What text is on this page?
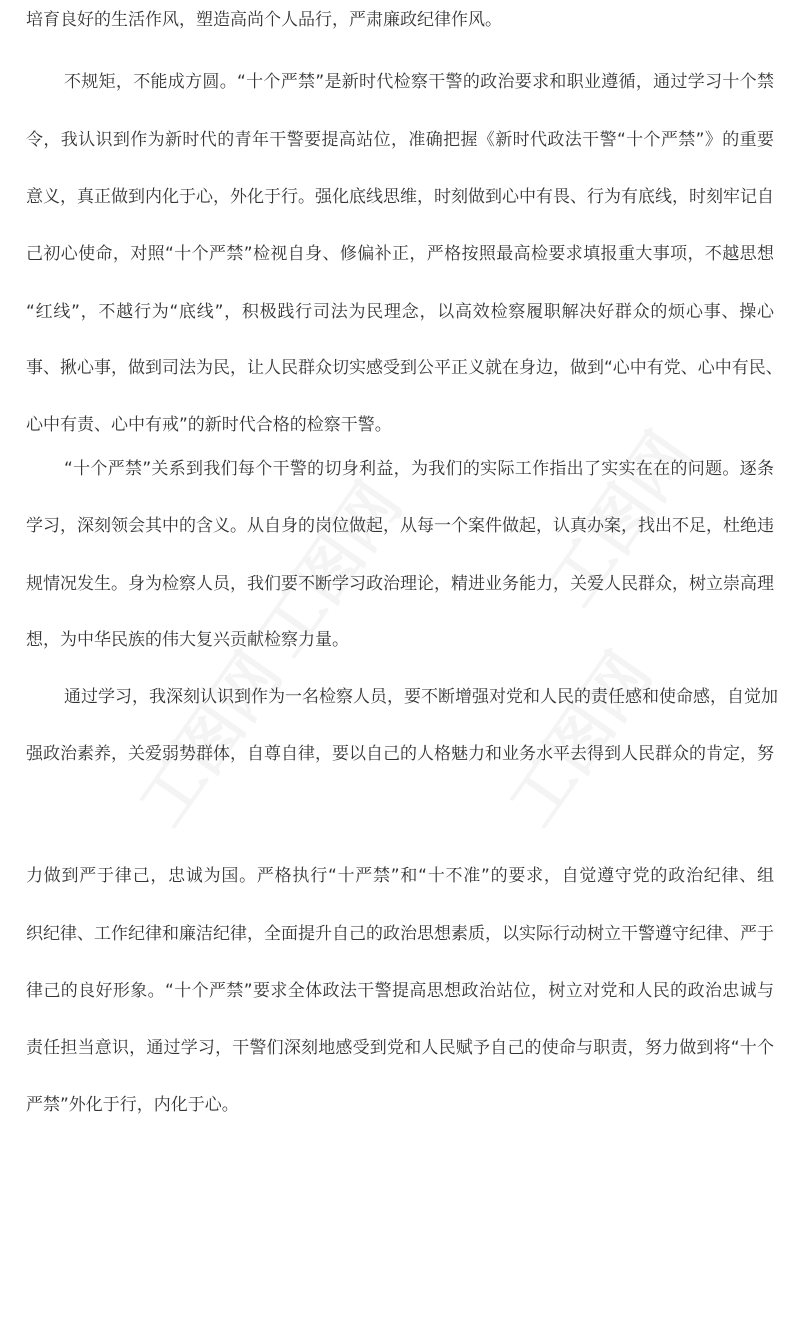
培育良好的生活作风，塑造高尚个人品行，严肃廉政纪律作风。
不规矩，不能成方圆。“十个严禁”是新时代检察干警的政治要求和职业遵循，通过学习十个禁
令，我认识到作为新时代的青年干警要提高站位，准确把握《新时代政法干警“十个严禁”》的重要
意义，真正做到内化于心，外化于行。强化底线思维，时刻做到心中有畏、行为有底线，时刻牢记自
己初心使命，对照“十个严禁”检视自身、修偏补正，严格按照最高检要求填报重大事项，不越思想
“红线”，不越行为“底线”，积极践行司法为民理念，以高效检察履职解决好群众的烦心事、操心
事、揪心事，做到司法为民，让人民群众切实感受到公平正义就在身边，做到“心中有党、心中有民、
心中有责、心中有戒”的新时代合格的检察干警。
“十个严禁”关系到我们每个干警的切身利益，为我们的实际工作指出了实实在在的问题。逐条
学习，深刻领会其中的含义。从自身的岗位做起，从每一个案件做起，认真办案，找出不足，杜绝违
规情况发生。身为检察人员，我们要不断学习政治理论，精进业务能力，关爱人民群众，树立崇高理
想，为中华民族的伟大复兴贡献检察力量。
通过学习，我深刻认识到作为一名检察人员，要不断增强对党和人民的责任感和使命感，自觉加
强政治素养，关爱弱势群体，自尊自律，要以自己的人格魅力和业务水平去得到人民群众的肯定，努
力做到严于律己，忠诚为国。严格执行“十严禁”和“十不准”的要求，自觉遵守党的政治纪律、组
织纪律、工作纪律和廉洁纪律，全面提升自己的政治思想素质，以实际行动树立干警遵守纪律、严于
律己的良好形象。“十个严禁”要求全体政法干警提高思想政治站位，树立对党和人民的政治忠诚与
责任担当意识，通过学习，干警们深刻地感受到党和人民赋予自己的使命与职责，努力做到将“十个
严禁”外化于行，内化于心。
